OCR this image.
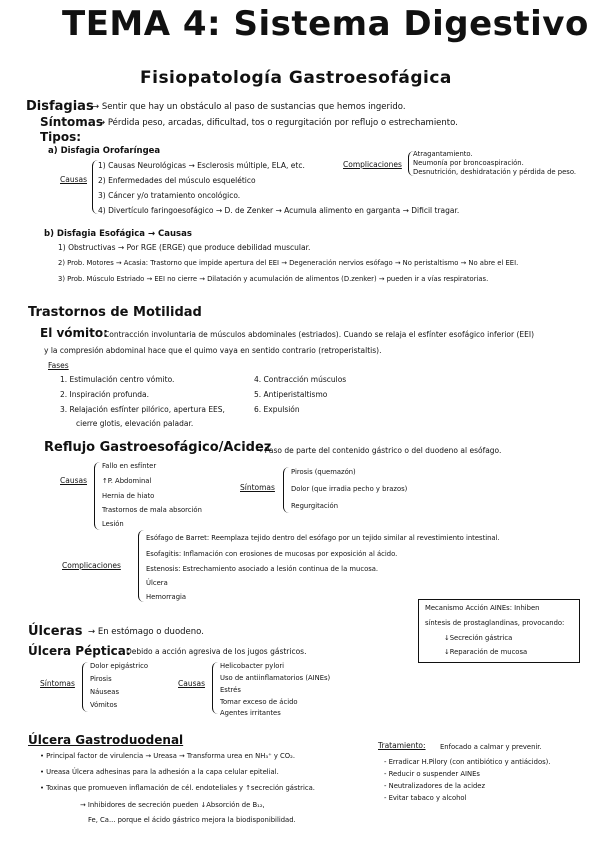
TEMA 4: Sistema Digestivo
Fisiopatología Gastroesofágica
Disfagias
→ Sentir que hay un obstáculo al paso de sustancias que hemos ingerido.
Síntomas
→ Pérdida peso, arcadas, dificultad, tos o regurgitación por reflujo o estrechamiento.
Tipos:
a) Disfagia Orofaríngea
Causas
1) Causas Neurológicas → Esclerosis múltiple, ELA, etc.
2) Enfermedades del músculo esquelético
3) Cáncer y/o tratamiento oncológico.
4) Divertículo faringoesofágico → D. de Zenker → Acumula alimento en garganta → Dificil tragar.
Complicaciones
Atragantamiento.
Neumonía por broncoaspiración.
Desnutrición, deshidratación y pérdida de peso.
b) Disfagia Esofágica → Causas
1) Obstructivas → Por RGE (ERGE) que produce debilidad muscular.
2) Prob. Motores → Acasia: Trastorno que impide apertura del EEI → Degeneración nervios esófago → No peristaltismo → No abre el EEI.
3) Prob. Músculo Estriado → EEI no cierre → Dilatación y acumulación de alimentos (D.zenker) → pueden ir a vías respiratorias.
Trastornos de Motilidad
El vómito:
Contracción involuntaria de músculos abdominales (estriados). Cuando se relaja el esfínter esofágico inferior (EEI)
y la compresión abdominal hace que el quimo vaya en sentido contrario (retroperistaltis).
Fases
1. Estimulación centro vómito.
2. Inspiración profunda.
3. Relajación esfínter pilórico, apertura EES,
cierre glotis, elevación paladar.
4. Contracción músculos
5. Antiperistaltismo
6. Expulsión
Reflujo Gastroesofágico/Acidez
→ Paso de parte del contenido gástrico o del duodeno al esófago.
Causas
Fallo en esfínter
↑P. Abdominal
Hernia de hiato
Trastornos de mala absorción
Lesión
Síntomas
Pirosis (quemazón)
Dolor (que irradia pecho y brazos)
Regurgitación
Complicaciones
Esófago de Barret: Reemplaza tejido dentro del esófago por un tejido similar al revestimiento intestinal.
Esofagitis: Inflamación con erosiones de mucosas por exposición al ácido.
Estenosis: Estrechamiento asociado a lesión continua de la mucosa.
Úlcera
Hemorragia
Mecanismo Acción AINEs: Inhiben
síntesis de prostaglandinas, provocando:
↓Secreción gástrica
↓Reparación de mucosa
Úlceras → En estómago o duodeno.
Úlcera Péptica:
Debido a acción agresiva de los jugos gástricos.
Síntomas
Dolor epigástrico
Pirosis
Náuseas
Vómitos
Causas
Helicobacter pylori
Uso de antiinflamatorios (AINEs)
Estrés
Tomar exceso de ácido
Agentes irritantes
Úlcera Gastroduodenal
• Principal factor de virulencia → Ureasa → Transforma urea en NH₃⁺ y CO₂.
• Ureasa Úlcera adhesinas para la adhesión a la capa celular epitelial.
• Toxinas que promueven inflamación de cél. endoteliales y ↑secreción gástrica.
→ Inhibidores de secreción pueden ↓Absorción de B₁₂,
Fe, Ca... porque el ácido gástrico mejora la biodisponibilidad.
Tratamiento: Enfocado a calmar y prevenir.
- Erradicar H.Pilory (con antibiótico y antiácidos).
- Reducir o suspender AINEs
- Neutralizadores de la acidez
- Evitar tabaco y alcohol
